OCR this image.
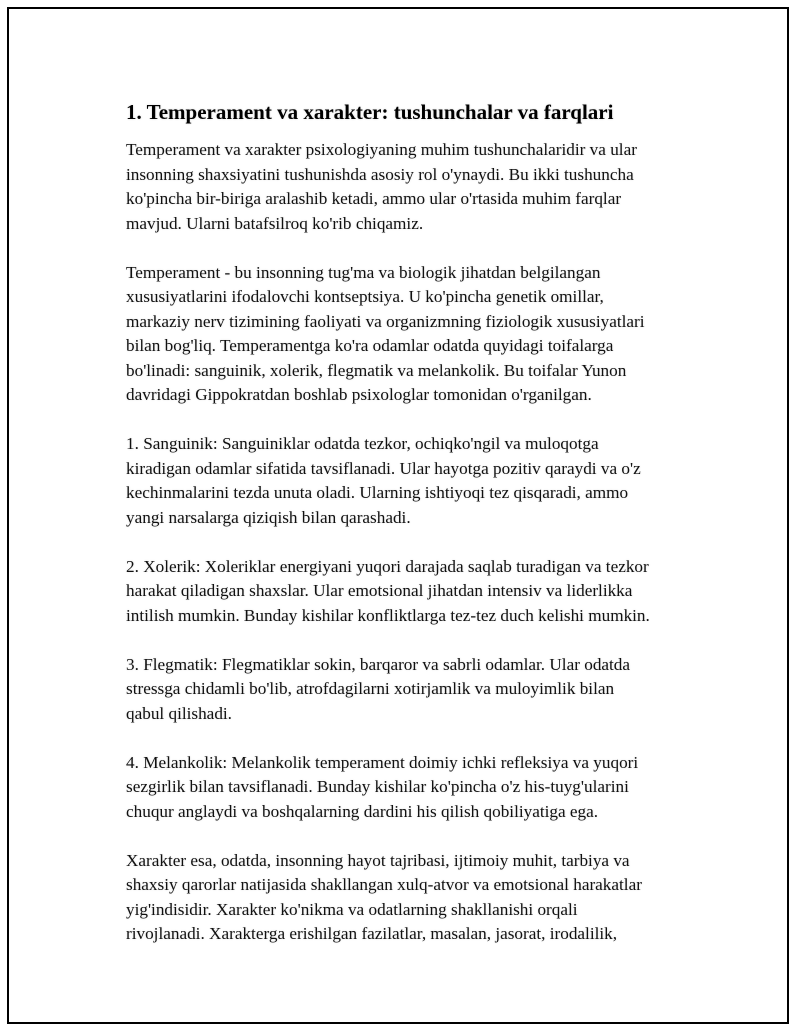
1. Temperament va xarakter: tushunchalar va farqlari

Temperament va xarakter psixologiyaning muhim tushunchalaridir va ular
insonning shaxsiyatini tushunishda asosiy rol o'ynaydi. Bu ikki tushuncha
ko'pincha bir-biriga aralashib ketadi, ammo ular o'rtasida muhim farqlar
mavjud. Ularni batafsilroq ko'rib chiqamiz.

Temperament - bu insonning tug'ma va biologik jihatdan belgilangan
xususiyatlarini ifodalovchi kontseptsiya. U ko'pincha genetik omillar,
markaziy nerv tizimining faoliyati va organizmning fiziologik xususiyatlari
bilan bog'liq. Temperamentga ko'ra odamlar odatda quyidagi toifalarga
bo'linadi: sanguinik, xolerik, flegmatik va melankolik. Bu toifalar Yunon
davridagi Gippokratdan boshlab psixologlar tomonidan o'rganilgan.

1. Sanguinik: Sanguiniklar odatda tezkor, ochiqko'ngil va muloqotga
kiradigan odamlar sifatida tavsiflanadi. Ular hayotga pozitiv qaraydi va o'z
kechinmalarini tezda unuta oladi. Ularning ishtiyoqi tez qisqaradi, ammo
yangi narsalarga qiziqish bilan qarashadi.

2. Xolerik: Xoleriklar energiyani yuqori darajada saqlab turadigan va tezkor
harakat qiladigan shaxslar. Ular emotsional jihatdan intensiv va liderlikka
intilish mumkin. Bunday kishilar konfliktlarga tez-tez duch kelishi mumkin.

3. Flegmatik: Flegmatiklar sokin, barqaror va sabrli odamlar. Ular odatda
stressga chidamli bo'lib, atrofdagilarni xotirjamlik va muloyimlik bilan
qabul qilishadi.

4. Melankolik: Melankolik temperament doimiy ichki refleksiya va yuqori
sezgirlik bilan tavsiflanadi. Bunday kishilar ko'pincha o'z his-tuyg'ularini
chuqur anglaydi va boshqalarning dardini his qilish qobiliyatiga ega.

Xarakter esa, odatda, insonning hayot tajribasi, ijtimoiy muhit, tarbiya va
shaxsiy qarorlar natijasida shakllangan xulq-atvor va emotsional harakatlar
yig'indisidir. Xarakter ko'nikma va odatlarning shakllanishi orqali
rivojlanadi. Xarakterga erishilgan fazilatlar, masalan, jasorat, irodalilik,
